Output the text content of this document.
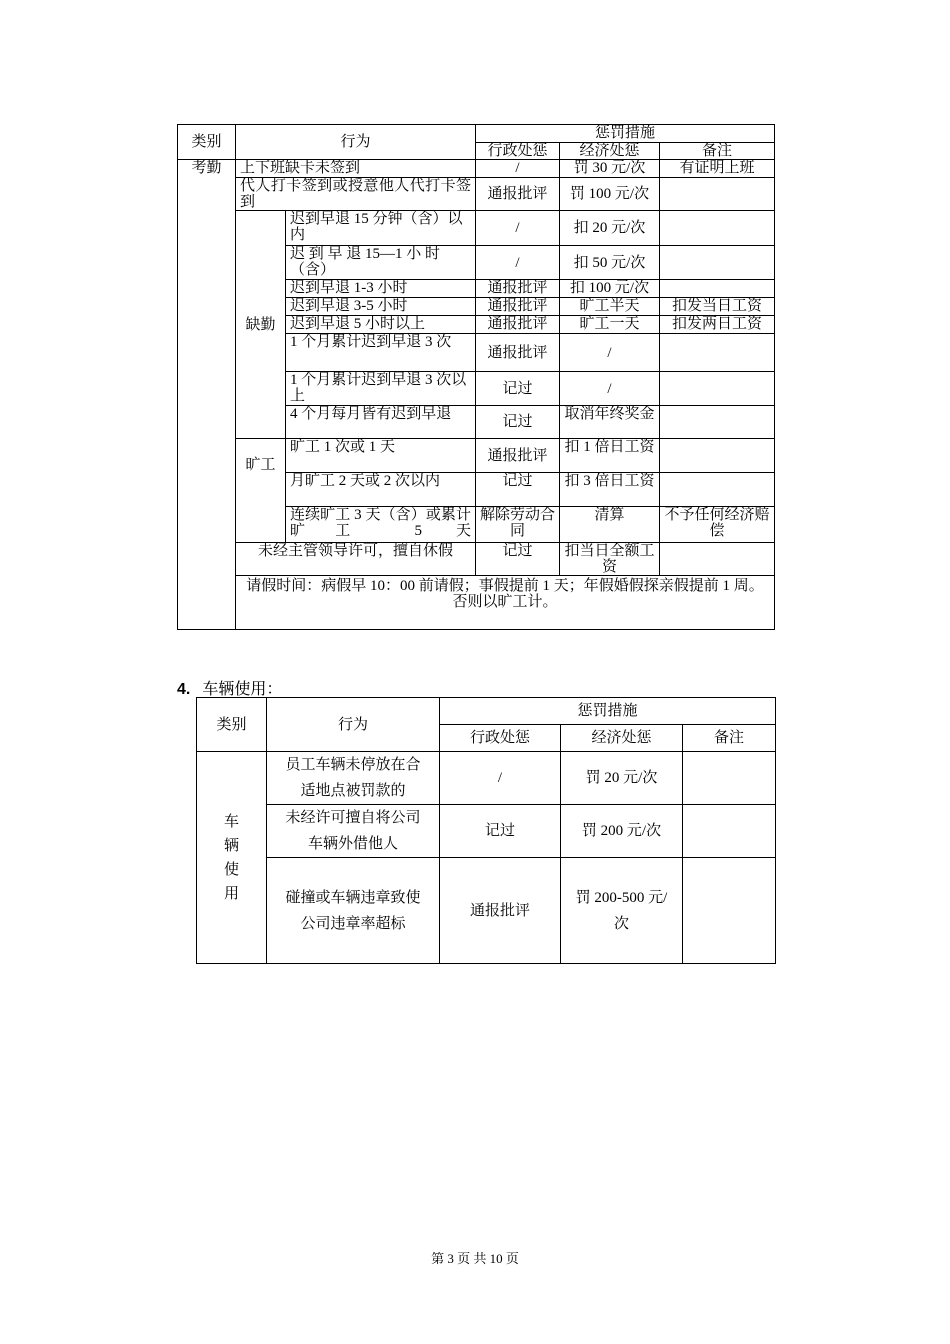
类别	行为		惩罚措施		
			行政处惩	经济处惩	备注
考勤	上下班缺卡未签到		/	罚 30 元/次	有证明上班
	代人打卡签到或授意他人代打卡签到		通报批评	罚 100 元/次	
	缺勤	迟到早退 15 分钟（含）以内	/	扣 20 元/次	
		迟 到 早 退 15—1 小 时（含）	/	扣 50 元/次	
		迟到早退 1-3 小时	通报批评	扣 100 元/次	
		迟到早退 3-5 小时	通报批评	旷工半天	扣发当日工资
		迟到早退 5 小时以上	通报批评	旷工一天	扣发两日工资
		1 个月累计迟到早退 3 次	通报批评	/	
		1 个月累计迟到早退 3 次以上	记过	/	
		4 个月每月皆有迟到早退	记过	取消年终奖金	
	旷工	旷工 1 次或 1 天	通报批评	扣 1 倍日工资	
		月旷工 2 天或 2 次以内	记过	扣 3 倍日工资	
		连续旷工 3 天（含）或累计旷工 5 天	解除劳动合同	清算	不予任何经济赔偿
	未经主管领导许可，擅自休假		记过	扣当日全额工资	
	请假时间：病假早 10：00 前请假；事假提前 1 天；年假婚假探亲假提前 1 周。否则以旷工计。				
4. 车辆使用：
类别	行为	惩罚措施		
		行政处惩	经济处惩	备注
车辆使用	员工车辆未停放在合适地点被罚款的	/	罚 20 元/次	
	未经许可擅自将公司车辆外借他人	记过	罚 200 元/次	
	碰撞或车辆违章致使公司违章率超标	通报批评	罚 200-500 元/次	
第 3 页 共 10 页
